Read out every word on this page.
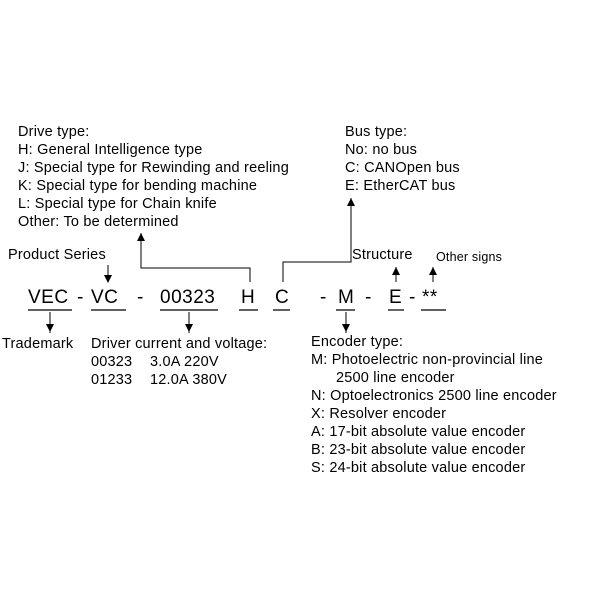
Drive type:
H: General Intelligence type
J: Special type for Rewinding and reeling
K: Special type for bending machine
L: Special type for Chain knife
Other: To be determined
Bus type:
No: no bus
C: CANOpen bus
E: EtherCAT bus
Product Series	Structure Other signs
VEC - VC - 00323 H C - M - E - **
Trademark Driver current and voltage:
00323 3.0A 220V
01233 12.0A 380V
Encoder type:
M: Photoelectric non-provincial line
2500 line encoder
N: Optoelectronics 2500 line encoder
X: Resolver encoder
A: 17-bit absolute value encoder
B: 23-bit absolute value encoder
S: 24-bit absolute value encoder
